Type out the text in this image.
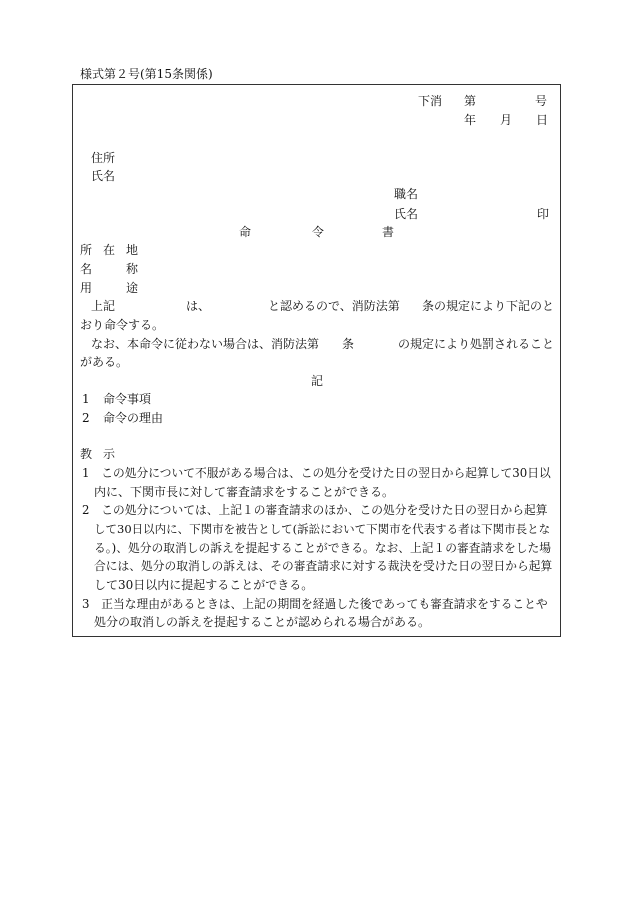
様式第２号(第15条関係)
下消 第	号
年 月 日
住所
氏名
職名
氏名	印
命	令	書
所 在 地
名	称
用	途
上記	は、	と認めるので、消防法第 条の規定により下記のと
おり命令する。
なお、本命令に従わない場合は、消防法第 条	の規定により処罰されること
がある。
記
1 命令事項
2 命令の理由
教 示
1　この処分について不服がある場合は、この処分を受けた日の翌日から起算して30日以
内に、下関市長に対して審査請求をすることができる。
2　この処分については、上記１の審査請求のほか、この処分を受けた日の翌日から起算
して30日以内に、下関市を被告として(訴訟において下関市を代表する者は下関市長とな
る。)、処分の取消しの訴えを提起することができる。なお、上記１の審査請求をした場
合には、処分の取消しの訴えは、その審査請求に対する裁決を受けた日の翌日から起算
して30日以内に提起することができる。
3　正当な理由があるときは、上記の期間を経過した後であっても審査請求をすることや
処分の取消しの訴えを提起することが認められる場合がある。
